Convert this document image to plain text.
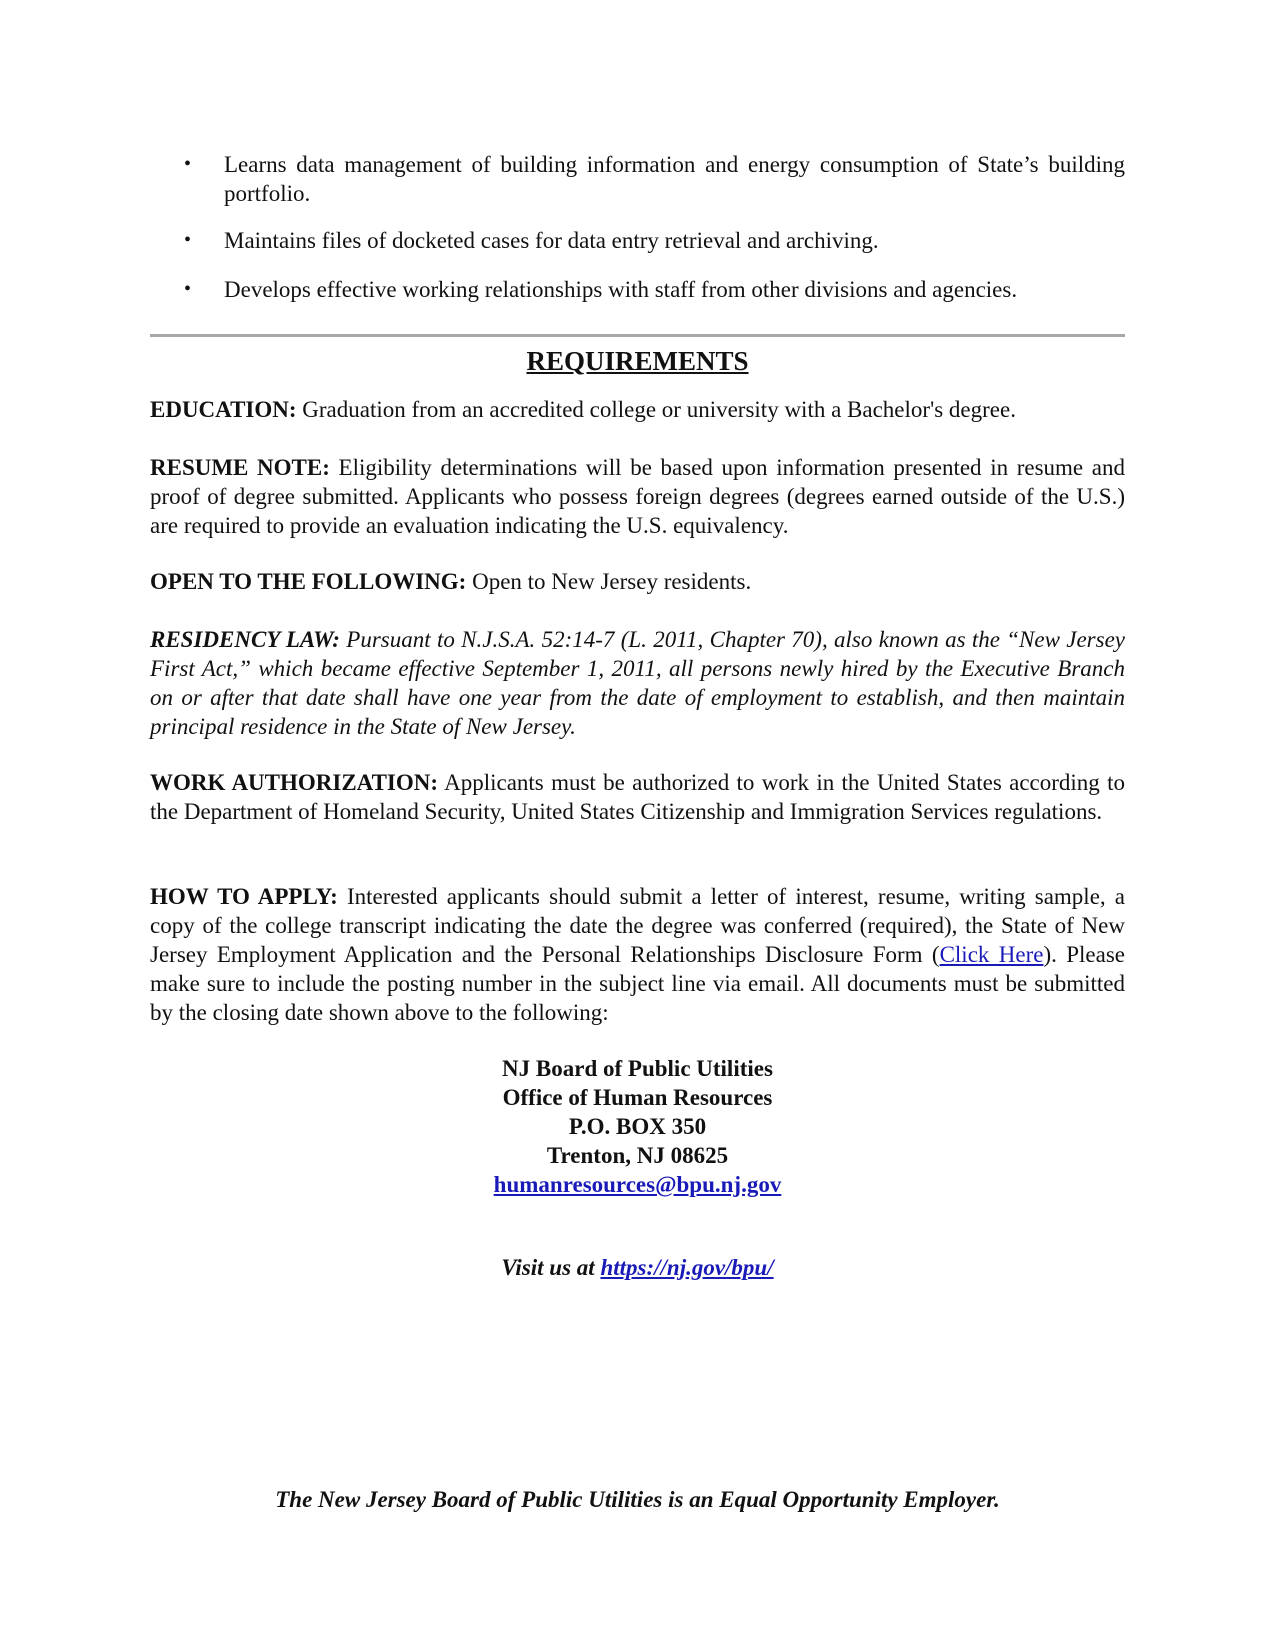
• Learns data management of building information and energy consumption of State’s building portfolio.
• Maintains files of docketed cases for data entry retrieval and archiving.
• Develops effective working relationships with staff from other divisions and agencies.
REQUIREMENTS

EDUCATION: Graduation from an accredited college or university with a Bachelor's degree.

RESUME NOTE: Eligibility determinations will be based upon information presented in resume and proof of degree submitted. Applicants who possess foreign degrees (degrees earned outside of the U.S.) are required to provide an evaluation indicating the U.S. equivalency.

OPEN TO THE FOLLOWING: Open to New Jersey residents.

RESIDENCY LAW: Pursuant to N.J.S.A. 52:14-7 (L. 2011, Chapter 70), also known as the “New Jersey First Act,” which became effective September 1, 2011, all persons newly hired by the Executive Branch on or after that date shall have one year from the date of employment to establish, and then maintain principal residence in the State of New Jersey.

WORK AUTHORIZATION: Applicants must be authorized to work in the United States according to the Department of Homeland Security, United States Citizenship and Immigration Services regulations.

HOW TO APPLY: Interested applicants should submit a letter of interest, resume, writing sample, a copy of the college transcript indicating the date the degree was conferred (required), the State of New Jersey Employment Application and the Personal Relationships Disclosure Form (Click Here). Please make sure to include the posting number in the subject line via email. All documents must be submitted by the closing date shown above to the following:

NJ Board of Public Utilities
Office of Human Resources
P.O. BOX 350
Trenton, NJ 08625
humanresources@bpu.nj.gov
Visit us at https://nj.gov/bpu/
The New Jersey Board of Public Utilities is an Equal Opportunity Employer.
